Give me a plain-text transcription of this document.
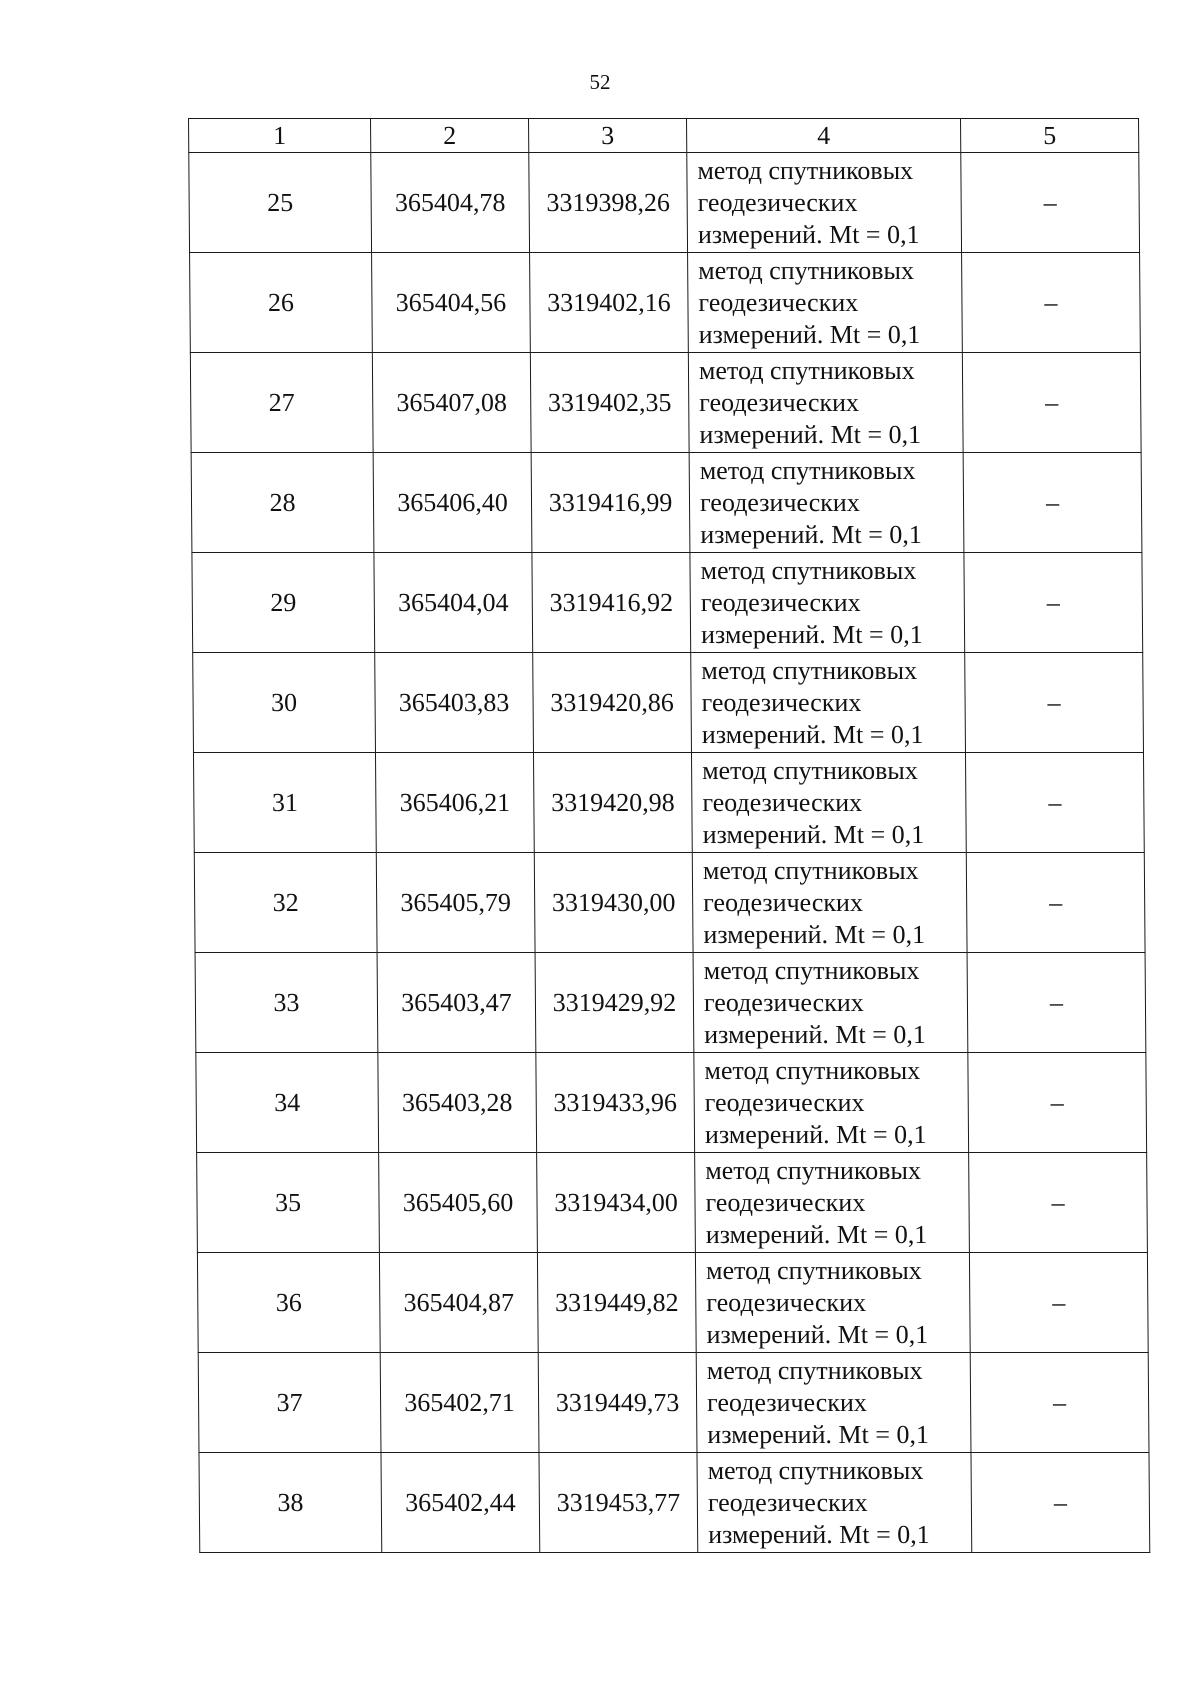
52
1	2	3	4	5
25	365404,78	3319398,26	метод спутниковых
геодезических
измерений. Mt = 0,1	–
26	365404,56	3319402,16	метод спутниковых
геодезических
измерений. Mt = 0,1	–
27	365407,08	3319402,35	метод спутниковых
геодезических
измерений. Mt = 0,1	–
28	365406,40	3319416,99	метод спутниковых
геодезических
измерений. Mt = 0,1	–
29	365404,04	3319416,92	метод спутниковых
геодезических
измерений. Mt = 0,1	–
30	365403,83	3319420,86	метод спутниковых
геодезических
измерений. Mt = 0,1	–
31	365406,21	3319420,98	метод спутниковых
геодезических
измерений. Mt = 0,1	–
32	365405,79	3319430,00	метод спутниковых
геодезических
измерений. Mt = 0,1	–
33	365403,47	3319429,92	метод спутниковых
геодезических
измерений. Mt = 0,1	–
34	365403,28	3319433,96	метод спутниковых
геодезических
измерений. Mt = 0,1	–
35	365405,60	3319434,00	метод спутниковых
геодезических
измерений. Mt = 0,1	–
36	365404,87	3319449,82	метод спутниковых
геодезических
измерений. Mt = 0,1	–
37	365402,71	3319449,73	метод спутниковых
геодезических
измерений. Mt = 0,1	–
38	365402,44	3319453,77	метод спутниковых
геодезических
измерений. Mt = 0,1	–
